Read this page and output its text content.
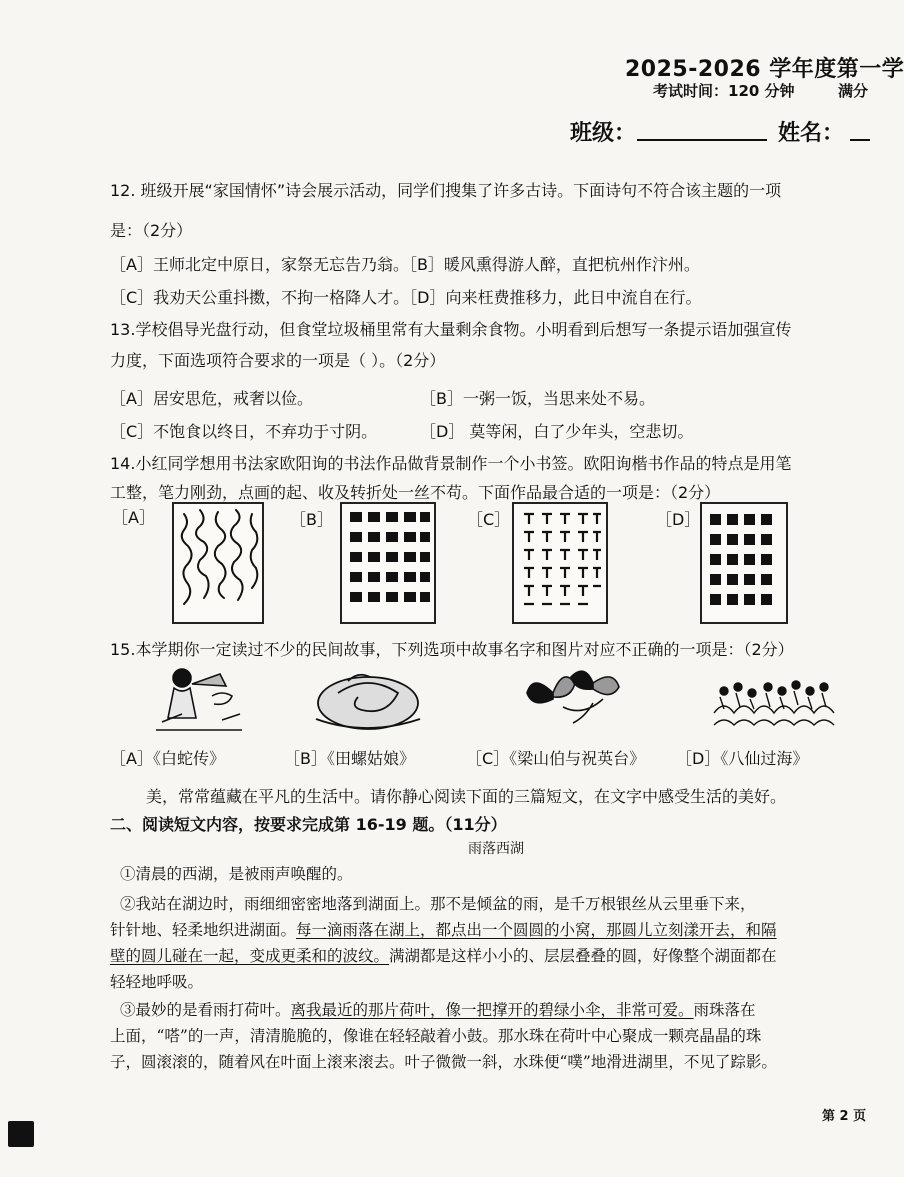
2025-2026 学年度第一学
考试时间：120 分钟	满分
班级：	姓名：
12. 班级开展“家国情怀”诗会展示活动，同学们搜集了许多古诗。下面诗句不符合该主题的一项
是：（2分）
［A］王师北定中原日，家祭无忘告乃翁。［B］暖风熏得游人醉，直把杭州作汴州。
［C］我劝天公重抖擞，不拘一格降人才。［D］向来枉费推移力，此日中流自在行。
13.学校倡导光盘行动，但食堂垃圾桶里常有大量剩余食物。小明看到后想写一条提示语加强宣传
力度，下面选项符合要求的一项是（ ）。（2分）
［A］居安思危，戒奢以俭。	［B］一粥一饭，当思来处不易。
［C］不饱食以终日，不弃功于寸阴。	［D］ 莫等闲，白了少年头，空悲切。
14.小红同学想用书法家欧阳询的书法作品做背景制作一个小书签。欧阳询楷书作品的特点是用笔
工整，笔力刚劲，点画的起、收及转折处一丝不苟。下面作品最合适的一项是：（2分）
［A］	［B］	［C］	［D］
15.本学期你一定读过不少的民间故事，下列选项中故事名字和图片对应不正确的一项是：（2分）
［A］《白蛇传》	［B］《田螺姑娘》	［C］《梁山伯与祝英台》 ［D］《八仙过海》
美，常常蕴藏在平凡的生活中。请你静心阅读下面的三篇短文，在文字中感受生活的美好。
二、阅读短文内容，按要求完成第 16-19 题。（11分）
雨落西湖
①清晨的西湖，是被雨声唤醒的。
②我站在湖边时，雨细细密密地落到湖面上。那不是倾盆的雨，是千万根银丝从云里垂下来，
针针地、轻柔地织进湖面。每一滴雨落在湖上，都点出一个圆圆的小窝，那圆儿立刻漾开去，和隔
壁的圆儿碰在一起，变成更柔和的波纹。满湖都是这样小小的、层层叠叠的圆，好像整个湖面都在
轻轻地呼吸。
③最妙的是看雨打荷叶。离我最近的那片荷叶，像一把撑开的碧绿小伞，非常可爱。雨珠落在
上面，“嗒”的一声，清清脆脆的，像谁在轻轻敲着小鼓。那水珠在荷叶中心聚成一颗亮晶晶的珠
子，圆滚滚的，随着风在叶面上滚来滚去。叶子微微一斜，水珠便“噗”地滑进湖里，不见了踪影。
第 2 页
